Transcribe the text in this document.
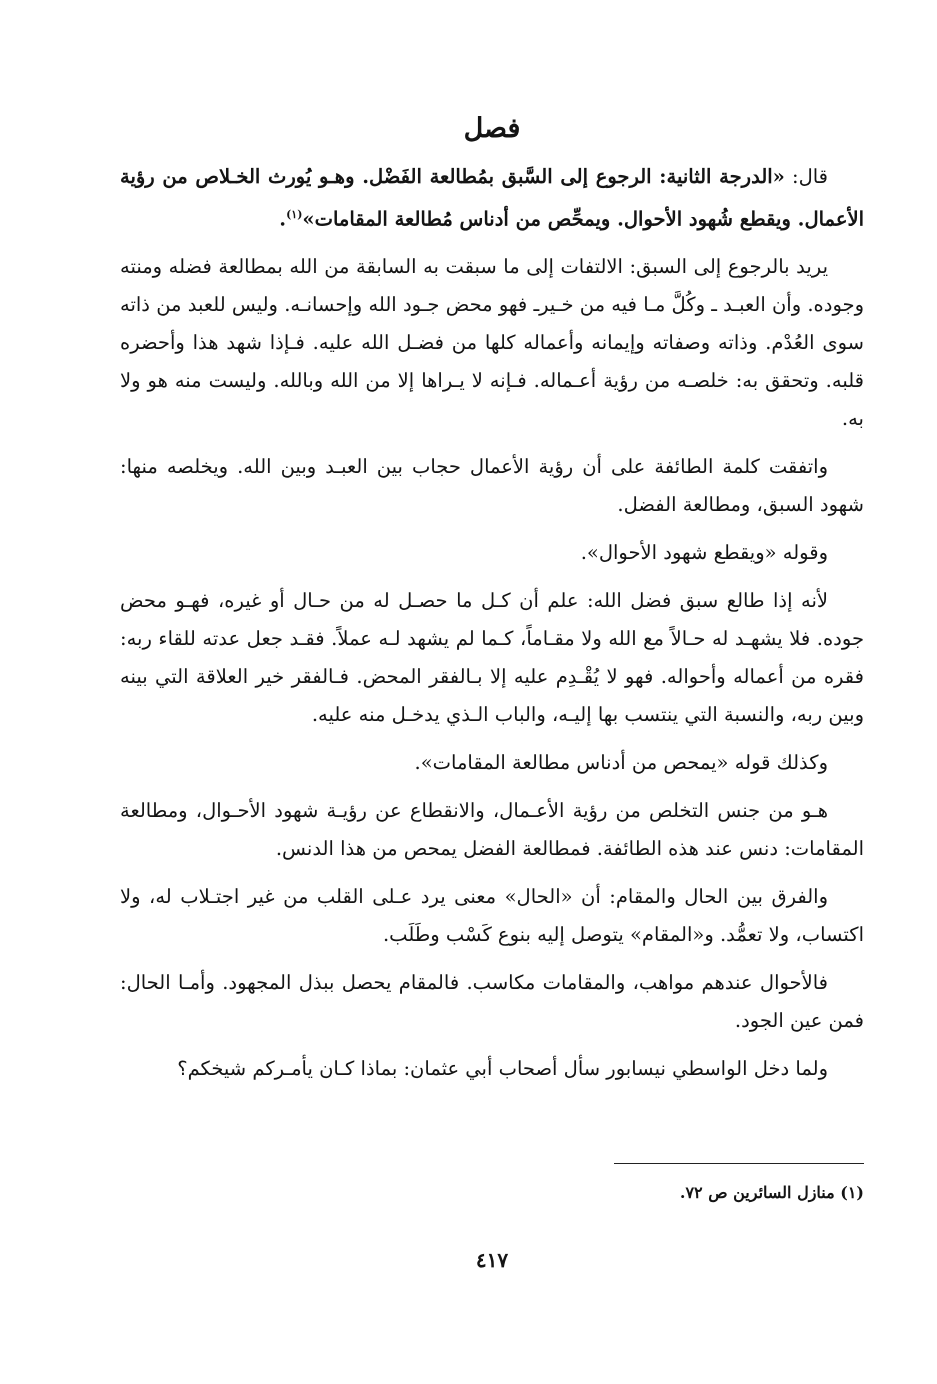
فصل

قال: «الدرجة الثانية: الرجوع إلى السَّبق بمُطالعة الفَضْل. وهـو يُورث الخـلاص من رؤية الأعمال. ويقطع شُهود الأحوال. ويمحِّص من أدناس مُطالعة المقامات»$^{(١)}$.

يريد بالرجوع إلى السبق: الالتفات إلى ما سبقت به السابقة من الله بمطالعة فضله ومنته وجوده. وأن العبـد ـ وكُلَّ مـا فيه من خـيرـ فهو محض جـود الله وإحسانـه. وليس للعبد من ذاته سوى العُدْم. وذاته وصفاته وإيمانه وأعماله كلها من فضـل الله عليه. فـإذا شهد هذا وأحضره قلبه. وتحقق به: خلصـه من رؤية أعـماله. فـإنه لا يـراها إلا من الله وبالله. وليست منه هو ولا به.

واتفقت كلمة الطائفة على أن رؤية الأعمال حجاب بين العبـد وبين الله. ويخلصه منها: شهود السبق، ومطالعة الفضل.

وقوله «ويقطع شهود الأحوال».

لأنه إذا طالع سبق فضل الله: علم أن كـل ما حصـل له من حـال أو غيره، فهـو محض جوده. فلا يشهـد له حـالاً مع الله ولا مقـاماً، كـما لم يشهد لـه عملاً. فقـد جعل عدته للقاء ربه: فقره من أعماله وأحواله. فهو لا يُقْـدِم عليه إلا بـالفقر المحض. فـالفقر خير العلاقة التي بينه وبين ربه، والنسبة التي ينتسب بها إليـه، والباب الـذي يدخـل منه عليه.

وكذلك قوله «يمحص من أدناس مطالعة المقامات».

هـو من جنس التخلص من رؤية الأعـمال، والانقطاع عن رؤيـة شهود الأحـوال، ومطالعة المقامات: دنس عند هذه الطائفة. فمطالعة الفضل يمحص من هذا الدنس.

والفرق بين الحال والمقام: أن «الحال» معنى يرد عـلى القلب من غير اجتـلاب له، ولا اكتساب، ولا تعمُّد. و«المقام» يتوصل إليه بنوع كَسْب وطَلَب.

فالأحوال عندهم مواهب، والمقامات مكاسب. فالمقام يحصل ببذل المجهود. وأمـا الحال: فمن عين الجود.

ولما دخل الواسطي نيسابور سأل أصحاب أبي عثمان: بماذا كـان يأمـركم شيخكم؟

(١) منازل السائرين ص ٧٢.
٤١٧
